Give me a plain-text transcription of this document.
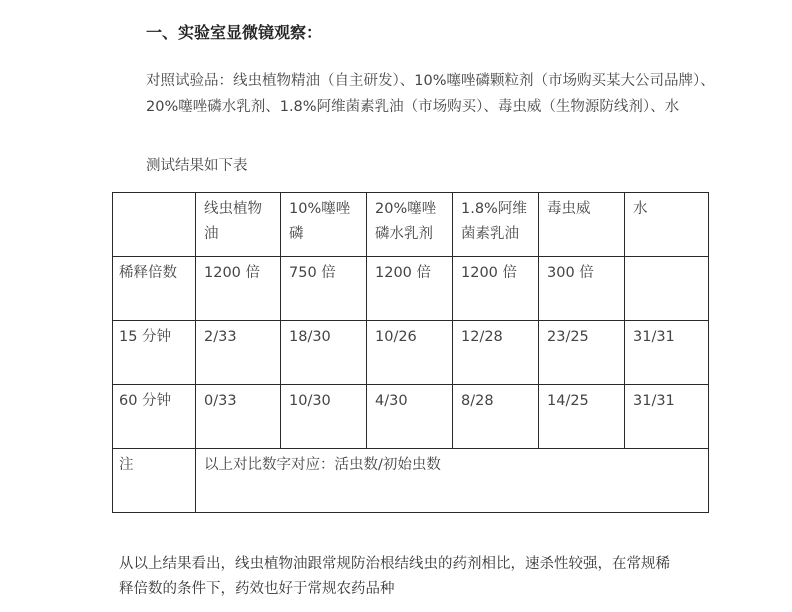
一、实验室显微镜观察：
对照试验品：线虫植物精油（自主研发）、10%噻唑磷颗粒剂（市场购买某大公司品牌）、20%噻唑磷水乳剂、1.8%阿维菌素乳油（市场购买）、毒虫威（生物源防线剂）、水
测试结果如下表
	线虫植物油	10%噻唑磷	20%噻唑磷水乳剂	1.8%阿维菌素乳油	毒虫威	水
稀释倍数	1200 倍	750 倍	1200 倍	1200 倍	300 倍	
15 分钟	2/33	18/30	10/26	12/28	23/25	31/31
60 分钟	0/33	10/30	4/30	8/28	14/25	31/31
注	以上对比数字对应：活虫数/初始虫数					
从以上结果看出，线虫植物油跟常规防治根结线虫的药剂相比，速杀性较强，在常规稀释倍数的条件下，药效也好于常规农药品种
